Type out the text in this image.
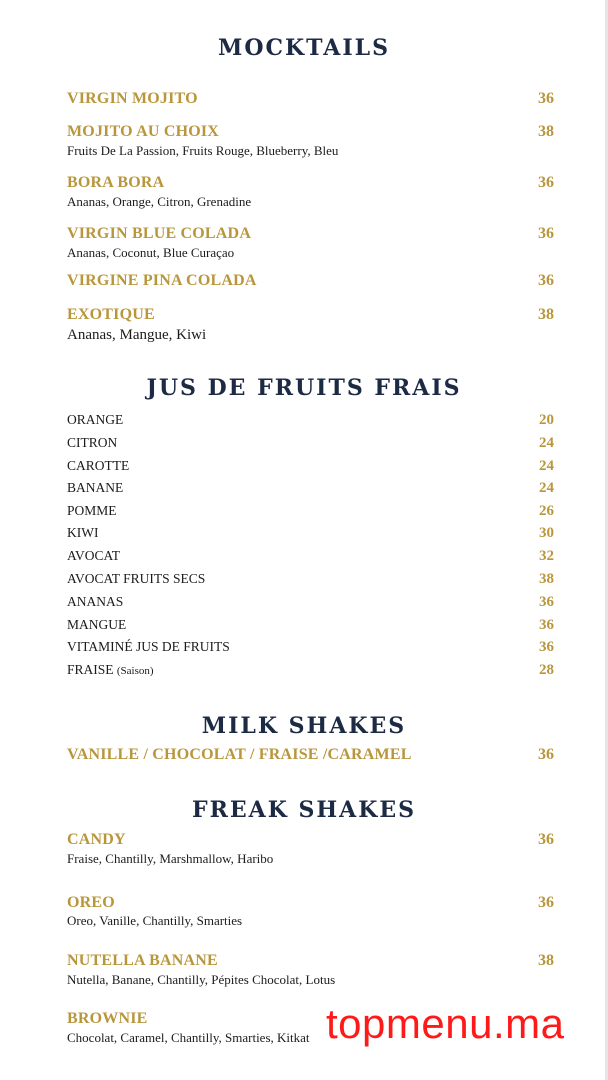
MOCKTAILS
VIRGIN MOJITO	36
MOJITO AU CHOIX	38
Fruits De La Passion, Fruits Rouge, Blueberry, Bleu
BORA BORA	36
Ananas, Orange, Citron, Grenadine
VIRGIN BLUE COLADA	36
Ananas, Coconut, Blue Curaçao
VIRGINE PINA COLADA	36
EXOTIQUE	38
Ananas, Mangue, Kiwi
JUS DE FRUITS FRAIS
ORANGE	20
CITRON	24
CAROTTE	24
BANANE	24
POMME	26
KIWI	30
AVOCAT	32
AVOCAT FRUITS SECS	38
ANANAS	36
MANGUE	36
VITAMINÉ JUS DE FRUITS	36
FRAISE (Saison)	28
MILK SHAKES
VANILLE / CHOCOLAT / FRAISE /CARAMEL	36
FREAK SHAKES
CANDY	36
Fraise, Chantilly, Marshmallow, Haribo
OREO	36
Oreo, Vanille, Chantilly, Smarties
NUTELLA BANANE	38
Nutella, Banane, Chantilly, Pépites Chocolat, Lotus
BROWNIE
Chocolat, Caramel, Chantilly, Smarties, Kitkat topmenu.ma
